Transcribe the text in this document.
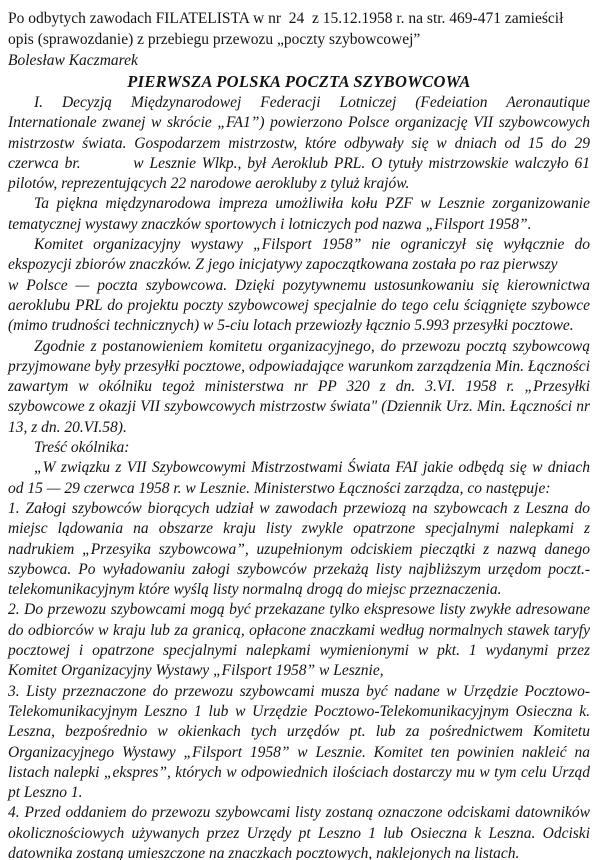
Po odbytych zawodach FILATELISTA w nr  24  z 15.12.1958 r. na str. 469-471 zamieścił opis (sprawozdanie) z przebiegu przewozu „poczty szybowcowej”

Bolesław Kaczmarek

PIERWSZA POLSKA POCZTA SZYBOWCOWA

I. Decyzją Międzynarodowej Federacji Lotniczej (Fedeiation Aeronautique Internationale zwanej w skrócie „FA1”) powierzono Polsce organizację VII szybowcowych mistrzostw świata. Gospodarzem mistrzostw, które odbywały się w dniach od 15 do 29 czerwca br.         w Lesznie Wlkp., był Aeroklub PRL. O tytuły mistrzowskie walczyło 61 pilotów, reprezentujących 22 narodowe aerokluby z tyluż krajów.

Ta piękna międzynarodowa impreza umożliwiła kołu PZF w Lesznie zorganizowanie tematycznej wystawy znaczków sportowych i lotniczych pod nazwa „Filsport 1958”.

Komitet organizacyjny wystawy „Filsport 1958” nie ograniczył się wyłącznie do ekspozycji zbiorów znaczków. Z jego inicjatywy zapoczątkowana została po raz pierwszy

w Polsce — poczta szybowcowa. Dzięki pozytywnemu ustosunkowaniu się kierownictwa aeroklubu PRL do projektu poczty szybowcowej specjalnie do tego celu ściągnięte szybowce (mimo trudności technicznych) w 5-ciu lotach przewiozły łącznio 5.993 przesyłki pocztowe.

Zgodnie z postanowieniem komitetu organizacyjnego, do przewozu pocztą szybowcową przyjmowane były przesyłki pocztowe, odpowiadające warunkom zarządzenia Min. Łączności zawartym w okólniku tegoż ministerstwa nr PP 320 z dn. 3.VI. 1958 r. „Przesyłki szybowcowe z okazji VII szybowcowych mistrzostw świata" (Dziennik Urz. Min. Łączności nr 13, z dn. 20.VI.58).

Treść okólnika:

„W związku z VII Szybowcowymi Mistrzostwami Świata FAI jakie odbędą się w dniach od 15 — 29 czerwca 1958 r. w Lesznie. Ministerstwo Łączności zarządza, co następuje:

1. Załogi szybowców biorących udział w zawodach przewiozą na szybowcach z Leszna do miejsc lądowania na obszarze kraju listy zwykle opatrzone specjalnymi nalepkami z nadrukiem „Przesyika szybowcowa”, uzupełnionym odciskiem pieczątki z nazwą danego szybowca. Po wyładowaniu załogi szybowców przekażą listy najbliższym urzędom poczt.-telekomunikacyjnym które wyślą listy normalną drogą do miejsc przeznaczenia.

2. Do przewozu szybowcami mogą być przekazane tylko ekspresowe listy zwykłe adresowane do odbiorców w kraju lub za granicą, opłacone znaczkami według normalnych stawek taryfy pocztowej i opatrzone specjalnymi nalepkami wymienionymi w pkt. 1 wydanymi przez Komitet Organizacyjny Wystawy „Filsport 1958” w Lesznie,

3. Listy przeznaczone do przewozu szybowcami musza być nadane w Urzędzie Pocztowo-Telekomunikacyjnym Leszno 1 lub w Urzędzie Pocztowo-Telekomunikacyjnym Osieczna k. Leszna, bezpośrednio w okienkach tych urzędów pt. lub za pośrednictwem Komitetu Organizacyjnego Wystawy „Filsport 1958” w Lesznie. Komitet ten powinien nakleić na listach nalepki „ekspres”, których w odpowiednich ilościach dostarczy mu w tym celu Urząd pt Leszno 1.

4. Przed oddaniem do przewozu szybowcami listy zostaną oznaczone odciskami datowników okolicznościowych używanych przez Urzędy pt Leszno 1 lub Osieczna k Leszna. Odciski datownika zostaną umieszczone na znaczkach pocztowych, naklejonych na listach.
